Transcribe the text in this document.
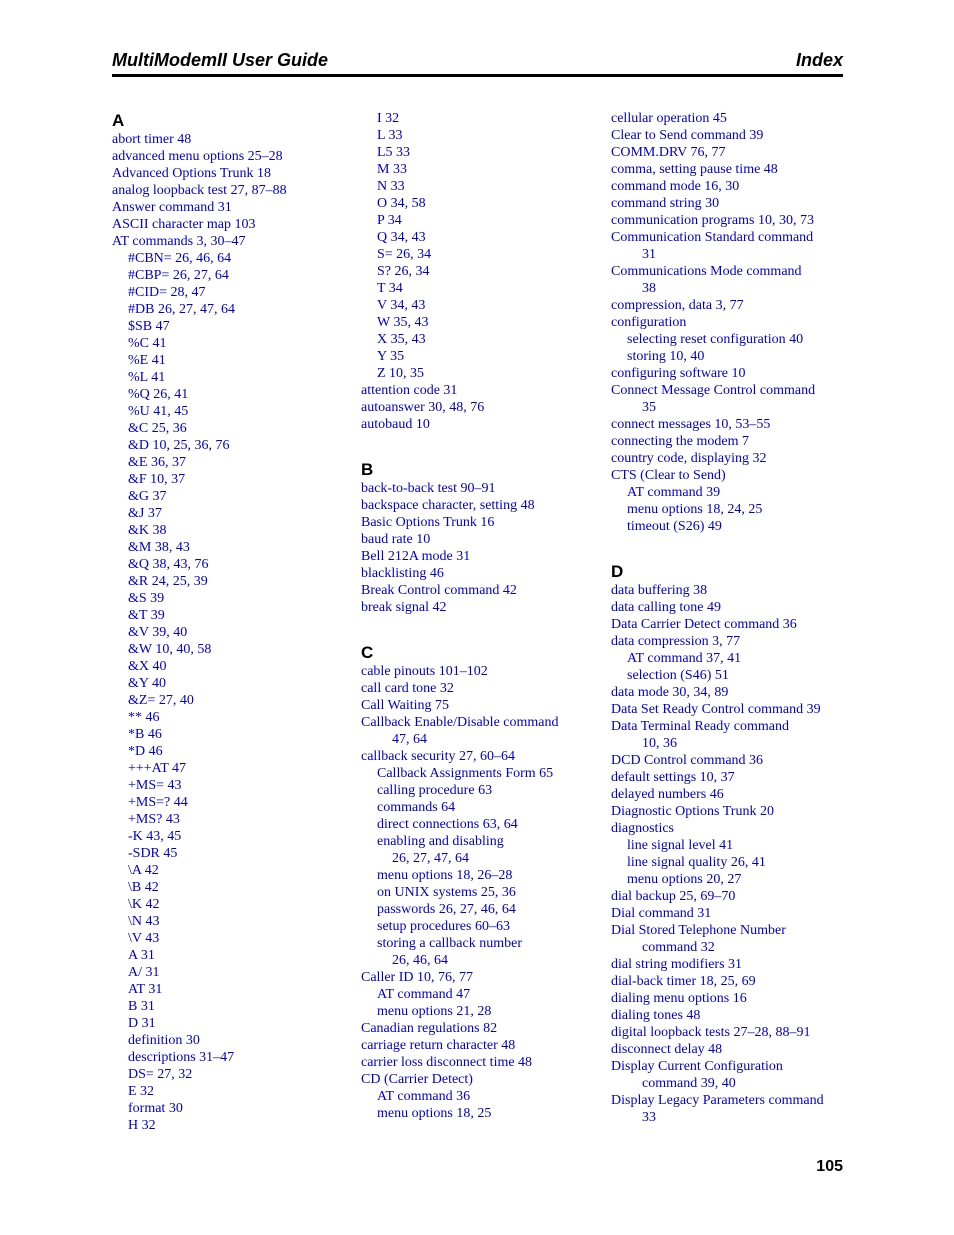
MultiModemII User Guide	Index
A
abort timer 48
advanced menu options 25–28
Advanced Options Trunk 18
analog loopback test 27, 87–88
Answer command 31
ASCII character map 103
AT commands 3, 30–47
#CBN= 26, 46, 64
#CBP= 26, 27, 64
#CID= 28, 47
#DB 26, 27, 47, 64
$SB 47
%C 41
%E 41
%L 41
%Q 26, 41
%U 41, 45
&C 25, 36
&D 10, 25, 36, 76
&E 36, 37
&F 10, 37
&G 37
&J 37
&K 38
&M 38, 43
&Q 38, 43, 76
&R 24, 25, 39
&S 39
&T 39
&V 39, 40
&W 10, 40, 58
&X 40
&Y 40
&Z= 27, 40
** 46
*B 46
*D 46
+++AT 47
+MS= 43
+MS=? 44
+MS? 43
-K 43, 45
-SDR 45
\A 42
\B 42
\K 42
\N 43
\V 43
A 31
A/ 31
AT 31
B 31
D 31
definition 30
descriptions 31–47
DS= 27, 32
E 32
format 30
H 32
I 32
L 33
L5 33
M 33
N 33
O 34, 58
P 34
Q 34, 43
S= 26, 34
S? 26, 34
T 34
V 34, 43
W 35, 43
X 35, 43
Y 35
Z 10, 35
attention code 31
autoanswer 30, 48, 76
autobaud 10
B
back-to-back test 90–91
backspace character, setting 48
Basic Options Trunk 16
baud rate 10
Bell 212A mode 31
blacklisting 46
Break Control command 42
break signal 42
C
cable pinouts 101–102
call card tone 32
Call Waiting 75
Callback Enable/Disable command
47, 64
callback security 27, 60–64
Callback Assignments Form 65
calling procedure 63
commands 64
direct connections 63, 64
enabling and disabling
26, 27, 47, 64
menu options 18, 26–28
on UNIX systems 25, 36
passwords 26, 27, 46, 64
setup procedures 60–63
storing a callback number
26, 46, 64
Caller ID 10, 76, 77
AT command 47
menu options 21, 28
Canadian regulations 82
carriage return character 48
carrier loss disconnect time 48
CD (Carrier Detect)
AT command 36
menu options 18, 25
cellular operation 45
Clear to Send command 39
COMM.DRV 76, 77
comma, setting pause time 48
command mode 16, 30
command string 30
communication programs 10, 30, 73
Communication Standard command
31
Communications Mode command
38
compression, data 3, 77
configuration
selecting reset configuration 40
storing 10, 40
configuring software 10
Connect Message Control command
35
connect messages 10, 53–55
connecting the modem 7
country code, displaying 32
CTS (Clear to Send)
AT command 39
menu options 18, 24, 25
timeout (S26) 49
D
data buffering 38
data calling tone 49
Data Carrier Detect command 36
data compression 3, 77
AT command 37, 41
selection (S46) 51
data mode 30, 34, 89
Data Set Ready Control command 39
Data Terminal Ready command
10, 36
DCD Control command 36
default settings 10, 37
delayed numbers 46
Diagnostic Options Trunk 20
diagnostics
line signal level 41
line signal quality 26, 41
menu options 20, 27
dial backup 25, 69–70
Dial command 31
Dial Stored Telephone Number
command 32
dial string modifiers 31
dial-back timer 18, 25, 69
dialing menu options 16
dialing tones 48
digital loopback tests 27–28, 88–91
disconnect delay 48
Display Current Configuration
command 39, 40
Display Legacy Parameters command
33
105
